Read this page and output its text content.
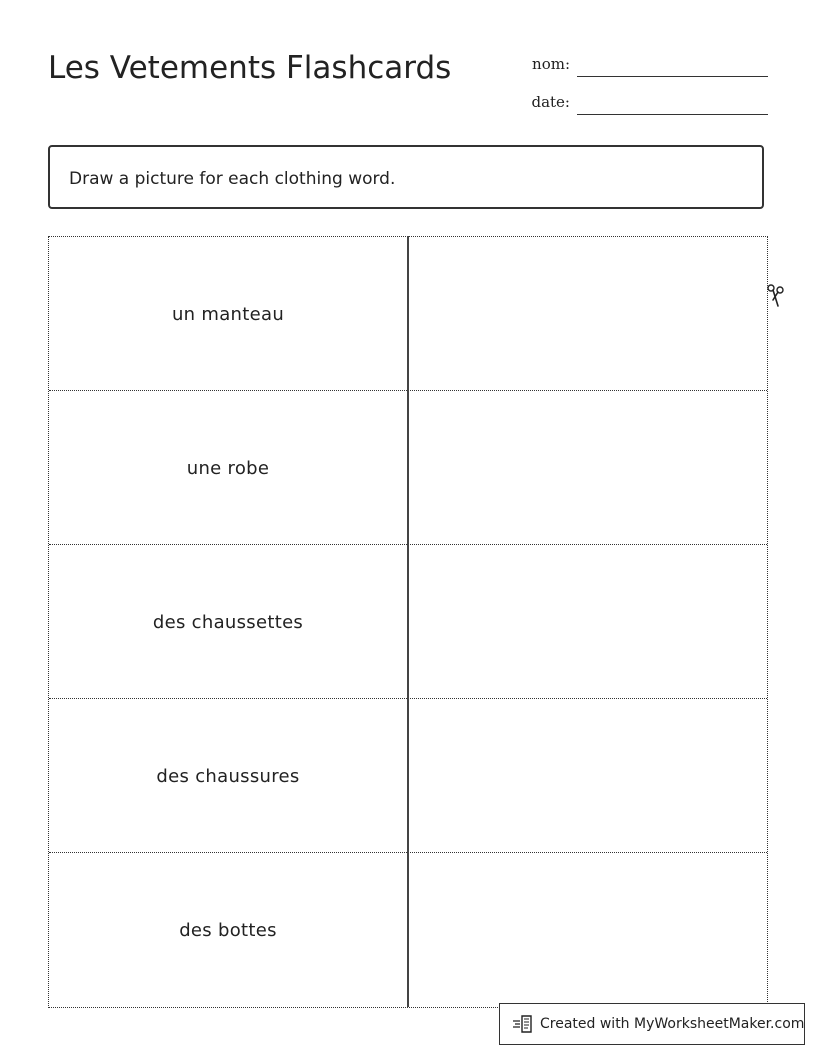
Les Vetements Flashcards	nom:
date:
Draw a picture for each clothing word.
un manteau
une robe
des chaussettes
des chaussures
des bottes
Created with MyWorksheetMaker.com
